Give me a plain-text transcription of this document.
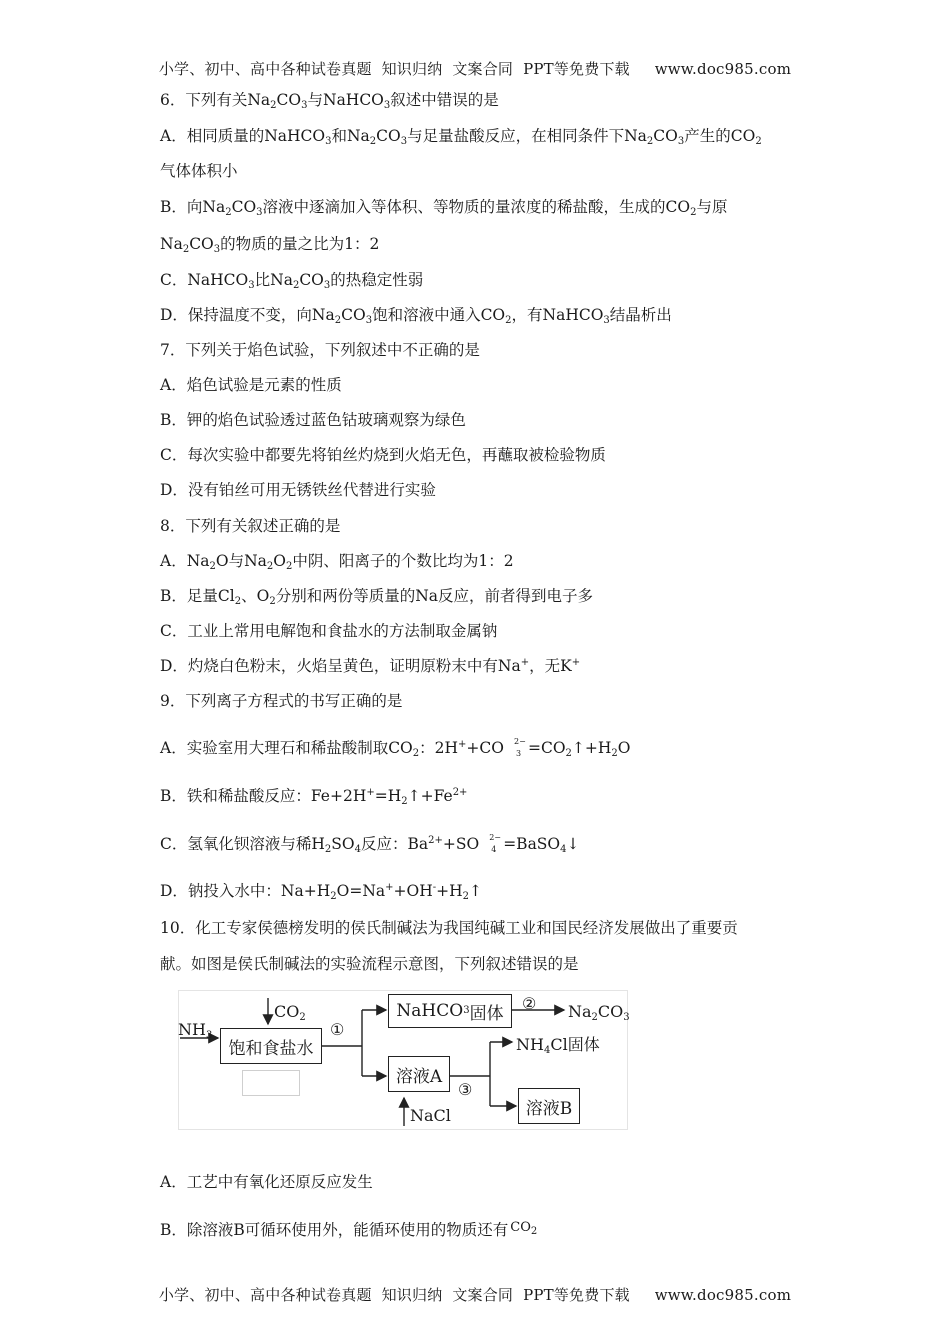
小学、初中、高中各种试卷真题  知识归纳  文案合同  PPT等免费下载 www.doc985.com
小学、初中、高中各种试卷真题  知识归纳  文案合同  PPT等免费下载 www.doc985.com
6．下列有关$Na_2CO_3$与NaHCO$_3$叙述中错误的是
A．相同质量的NaHCO$_3$和$Na_2CO_3$与足量盐酸反应，在相同条件下$Na_2CO_3$产生的$CO_2$
气体体积小
B．向$Na_2CO_3$溶液中逐滴加入等体积、等物质的量浓度的稀盐酸，生成的$CO_2$与原
$Na_2CO_3$的物质的量之比为1：2
C．NaHCO$_3$比$Na_2CO_3$的热稳定性弱
D．保持温度不变，向$Na_2CO_3$饱和溶液中通入$CO_2$，有NaHCO$_3$结晶析出
7．下列关于焰色试验，下列叙述中不正确的是
A．焰色试验是元素的性质
B．钾的焰色试验透过蓝色钴玻璃观察为绿色
C．每次实验中都要先将铂丝灼烧到火焰无色，再蘸取被检验物质
D．没有铂丝可用无锈铁丝代替进行实验
8．下列有关叙述正确的是
A．$Na_2O$与$Na_2O_2$中阴、阳离子的个数比均为1：2
B．足量$Cl_2$、$O_2$分别和两份等质量的Na反应，前者得到电子多
C．工业上常用电解饱和食盐水的方法制取金属钠
D．灼烧白色粉末，火焰呈黄色，证明原粉末中有Na+，无K+
9．下列离子方程式的书写正确的是
A．实验室用大理石和稀盐酸制取$CO_2$：2H++CO 2−
$3 =CO_2↑+H_2O$
B．铁和稀盐酸反应：$Fe+2H^+=H_2↑+Fe^{2+}$
C．氢氧化钡溶液与稀$H_2SO_4$反应：$Ba^{2+}+SO$ 2−
4 =BaSO$_4$↓
D．钠投入水中：$Na+H_2O=Na^++OH^-+H_2↑$
10．化工专家侯德榜发明的侯氏制碱法为我国纯碱工业和国民经济发展做出了重要贡
献。如图是侯氏制碱法的实验流程示意图，下列叙述错误的是
$NH_3$
$CO_2$
饱和食盐水
①
NaHCO 3 固体 ② $Na_2CO_3$
溶液A
$NH_4Cl$固体
③
溶液B
NaCl
A．工艺中有氧化还原反应发生
B．除溶液B可循环使用外，能循环使用的物质还有 $CO_2$
